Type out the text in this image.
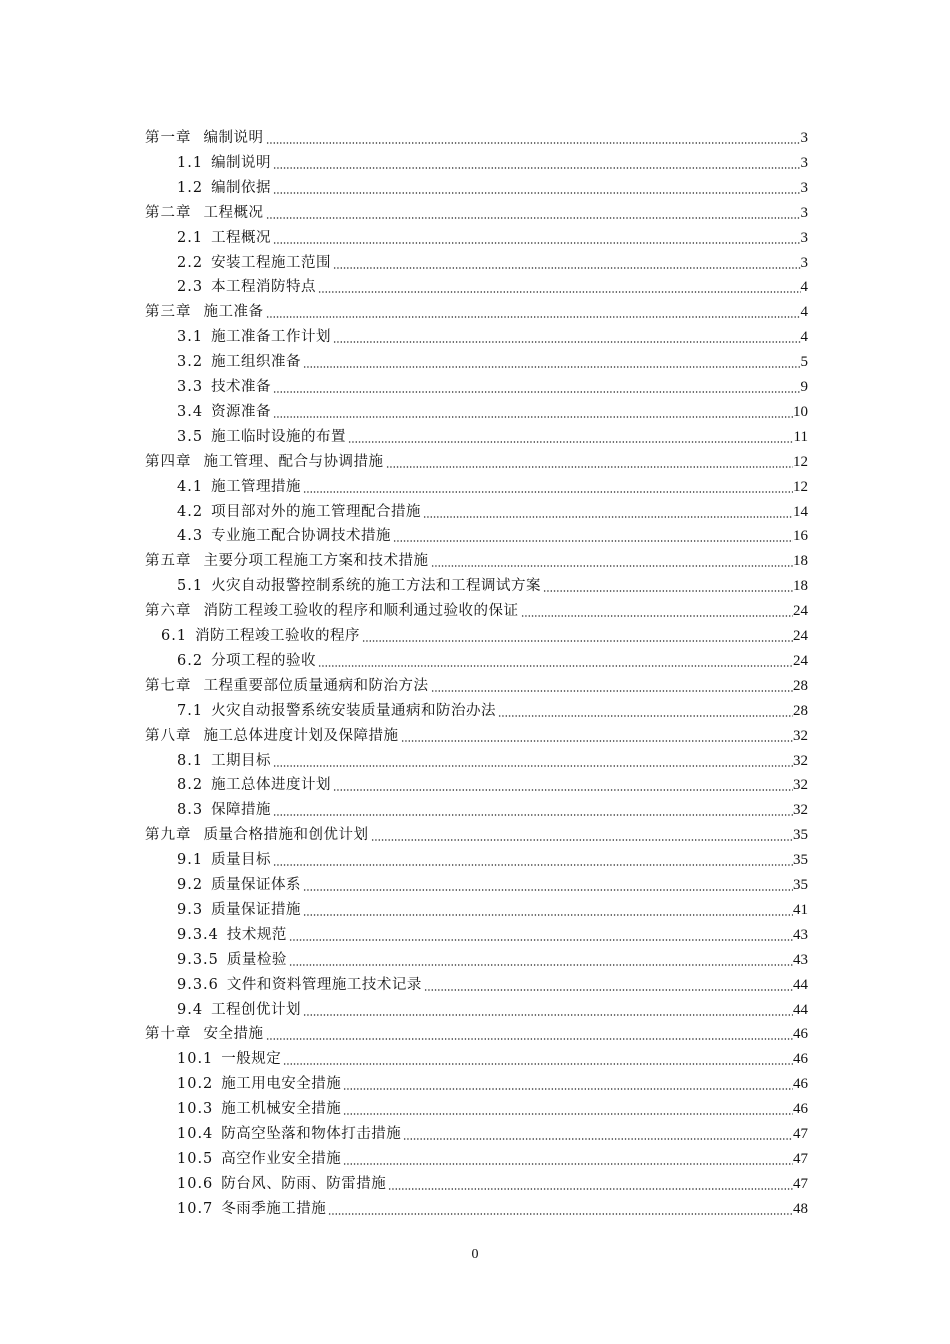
第一章 编制说明	3
1.1 编制说明	3
1.2 编制依据	3
第二章 工程概况	3
2.1 工程概况	3
2.2 安装工程施工范围	3
2.3 本工程消防特点	4
第三章 施工准备	4
3.1 施工准备工作计划	4
3.2 施工组织准备	5
3.3 技术准备	9
3.4 资源准备	10
3.5 施工临时设施的布置	11
第四章 施工管理、配合与协调措施	12
4.1 施工管理措施	12
4.2 项目部对外的施工管理配合措施	14
4.3 专业施工配合协调技术措施	16
第五章 主要分项工程施工方案和技术措施	18
5.1 火灾自动报警控制系统的施工方法和工程调试方案	18
第六章 消防工程竣工验收的程序和顺利通过验收的保证	24
6.1 消防工程竣工验收的程序	24
6.2 分项工程的验收	24
第七章 工程重要部位质量通病和防治方法	28
7.1 火灾自动报警系统安装质量通病和防治办法	28
第八章 施工总体进度计划及保障措施	32
8.1 工期目标	32
8.2 施工总体进度计划	32
8.3 保障措施	32
第九章 质量合格措施和创优计划	35
9.1 质量目标	35
9.2 质量保证体系	35
9.3 质量保证措施	41
9.3.4 技术规范	43
9.3.5 质量检验	43
9.3.6 文件和资料管理施工技术记录	44
9.4 工程创优计划	44
第十章 安全措施	46
10.1 一般规定	46
10.2 施工用电安全措施	46
10.3 施工机械安全措施	46
10.4 防高空坠落和物体打击措施	47
10.5 高空作业安全措施	47
10.6 防台风、防雨、防雷措施	47
10.7 冬雨季施工措施	48
0
